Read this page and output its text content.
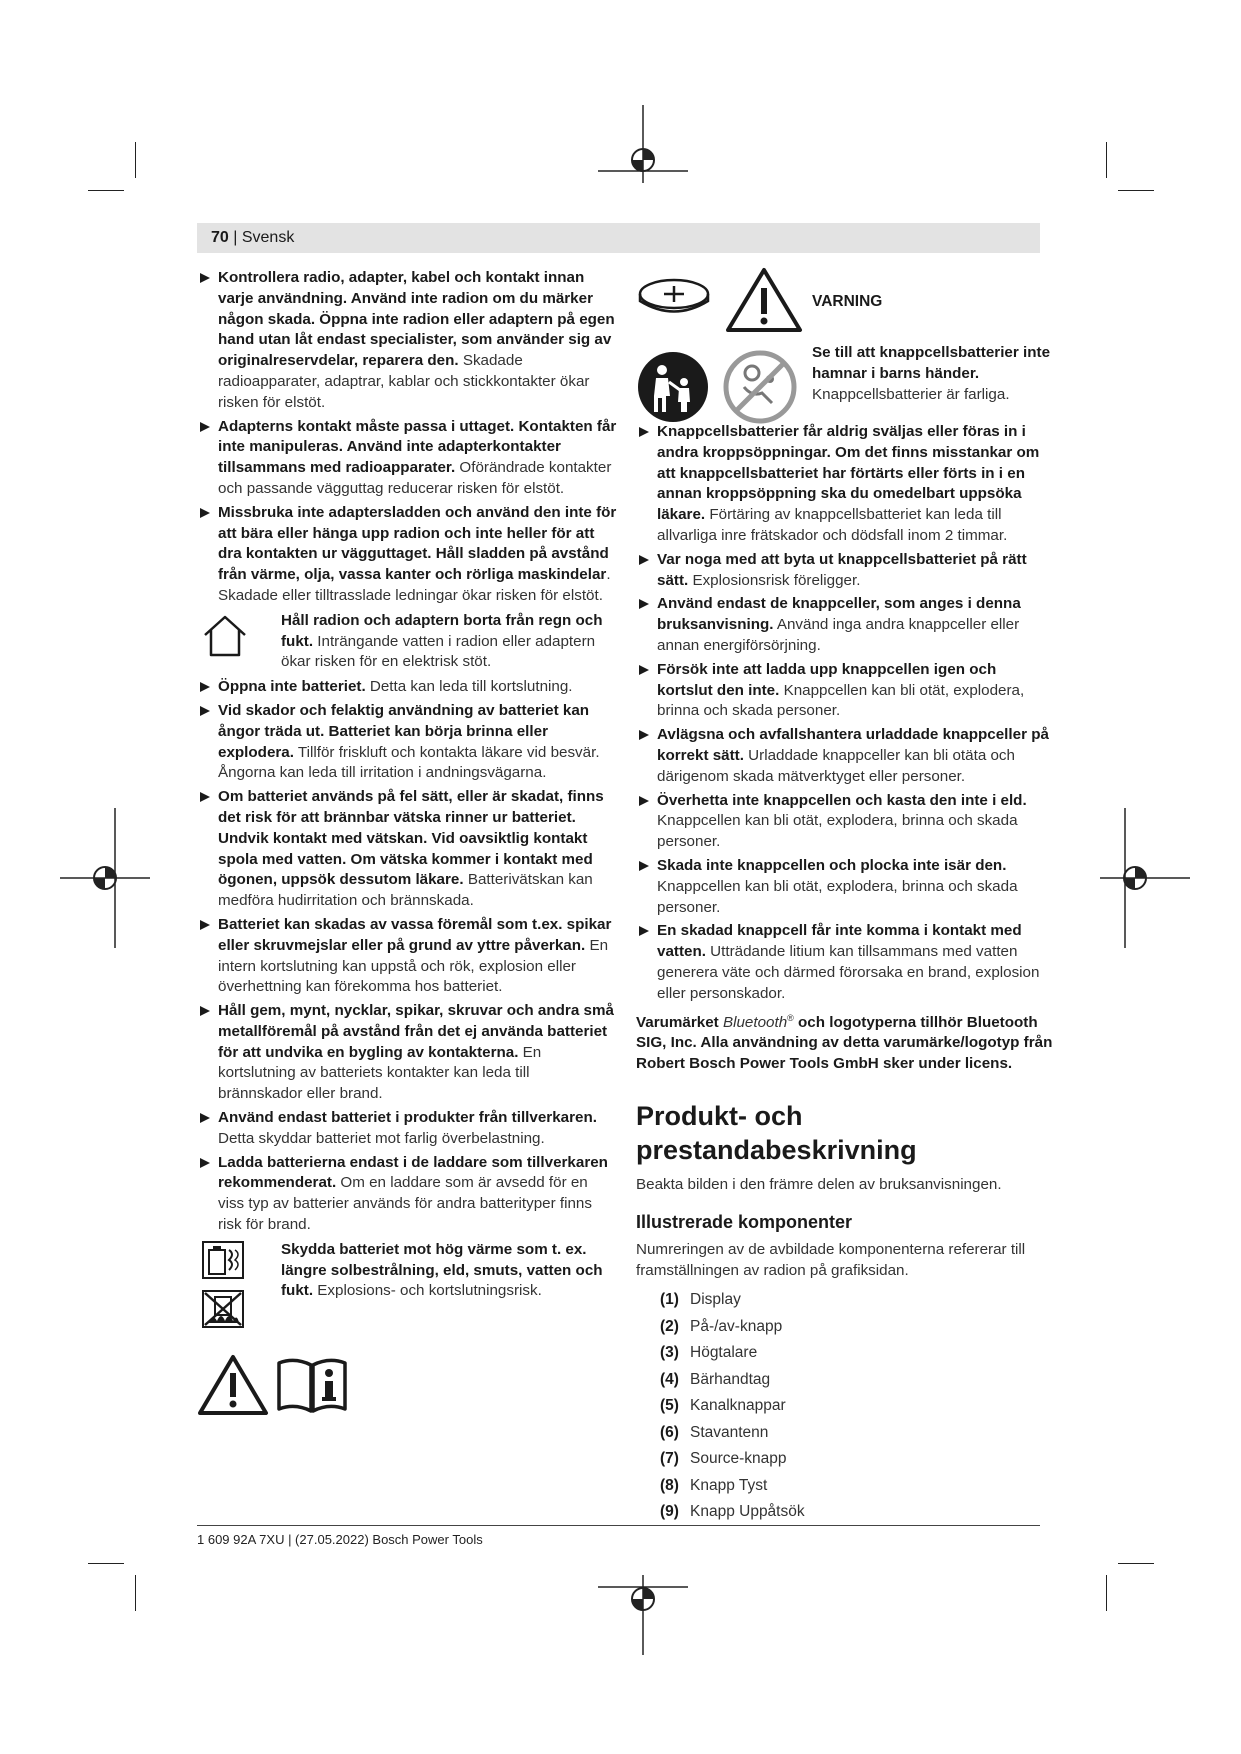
70 | Svensk
Kontrollera radio, adapter, kabel och kontakt innan varje användning. Använd inte radion om du märker någon skada. Öppna inte radion eller adaptern på egen hand utan låt endast specialister, som använder sig av originalreservdelar, reparera den. Skadade radioapparater, adaptrar, kablar och stickkontakter ökar risken för elstöt.
Adapterns kontakt måste passa i uttaget. Kontakten får inte manipuleras. Använd inte adapterkontakter tillsammans med radioapparater. Oförändrade kontakter och passande vägguttag reducerar risken för elstöt.
Missbruka inte adaptersladden och använd den inte för att bära eller hänga upp radion och inte heller för att dra kontakten ur vägguttaget. Håll sladden på avstånd från värme, olja, vassa kanter och rörliga maskindelar. Skadade eller tilltrasslade ledningar ökar risken för elstöt.
Håll radion och adaptern borta från regn och fukt. Inträngande vatten i radion eller adaptern ökar risken för en elektrisk stöt.
Öppna inte batteriet. Detta kan leda till kortslutning.
Vid skador och felaktig användning av batteriet kan ångor träda ut. Batteriet kan börja brinna eller explodera. Tillför friskluft och kontakta läkare vid besvär. Ångorna kan leda till irritation i andningsvägarna.
Om batteriet används på fel sätt, eller är skadat, finns det risk för att brännbar vätska rinner ur batteriet. Undvik kontakt med vätskan. Vid oavsiktlig kontakt spola med vatten. Om vätska kommer i kontakt med ögonen, uppsök dessutom läkare. Batterivätskan kan medföra hudirritation och brännskada.
Batteriet kan skadas av vassa föremål som t.ex. spikar eller skruvmejslar eller på grund av yttre påverkan. En intern kortslutning kan uppstå och rök, explosion eller överhettning kan förekomma hos batteriet.
Håll gem, mynt, nycklar, spikar, skruvar och andra små metallföremål på avstånd från det ej använda batteriet för att undvika en bygling av kontakterna. En kortslutning av batteriets kontakter kan leda till brännskador eller brand.
Använd endast batteriet i produkter från tillverkaren. Detta skyddar batteriet mot farlig överbelastning.
Ladda batterierna endast i de laddare som tillverkaren rekommenderat. Om en laddare som är avsedd för en viss typ av batterier används för andra batterityper finns risk för brand.

Skydda batteriet mot hög värme som t. ex. längre solbestrålning, eld, smuts, vatten och fukt. Explosions- och kortslutningsrisk.

VARNING
Se till att knappcellsbatterier inte hamnar i barns händer. Knappcellsbatterier är farliga.
Knappcellsbatterier får aldrig sväljas eller föras in i andra kroppsöppningar. Om det finns misstankar om att knappcellsbatteriet har förtärts eller förts in i en annan kroppsöppning ska du omedelbart uppsöka läkare. Förtäring av knappcellsbatteriet kan leda till allvarliga inre frätskador och dödsfall inom 2 timmar.
Var noga med att byta ut knappcellsbatteriet på rätt sätt. Explosionsrisk föreligger.
Använd endast de knappceller, som anges i denna bruksanvisning. Använd inga andra knappceller eller annan energiförsörjning.
Försök inte att ladda upp knappcellen igen och kortslut den inte. Knappcellen kan bli otät, explodera, brinna och skada personer.
Avlägsna och avfallshantera urladdade knappceller på korrekt sätt. Urladdade knappceller kan bli otäta och därigenom skada mätverktyget eller personer.
Överhetta inte knappcellen och kasta den inte i eld. Knappcellen kan bli otät, explodera, brinna och skada personer.
Skada inte knappcellen och plocka inte isär den. Knappcellen kan bli otät, explodera, brinna och skada personer.
En skadad knappcell får inte komma i kontakt med vatten. Utträdande litium kan tillsammans med vatten generera väte och därmed förorsaka en brand, explosion eller personskador.

Varumärket Bluetooth® och logotyperna tillhör Bluetooth SIG, Inc. Alla användning av detta varumärke/logotyp från Robert Bosch Power Tools GmbH sker under licens.

Produkt- och prestandabeskrivning

Beakta bilden i den främre delen av bruksanvisningen.

Illustrerade komponenter

Numreringen av de avbildade komponenterna refererar till framställningen av radion på grafiksidan.

(1) Display
(2) På-/av-knapp
(3) Högtalare
(4) Bärhandtag
(5) Kanalknappar
(6) Stavantenn
(7) Source-knapp
(8) Knapp Tyst
(9) Knapp Uppåtsök
1 609 92A 7XU | (27.05.2022) Bosch Power Tools
